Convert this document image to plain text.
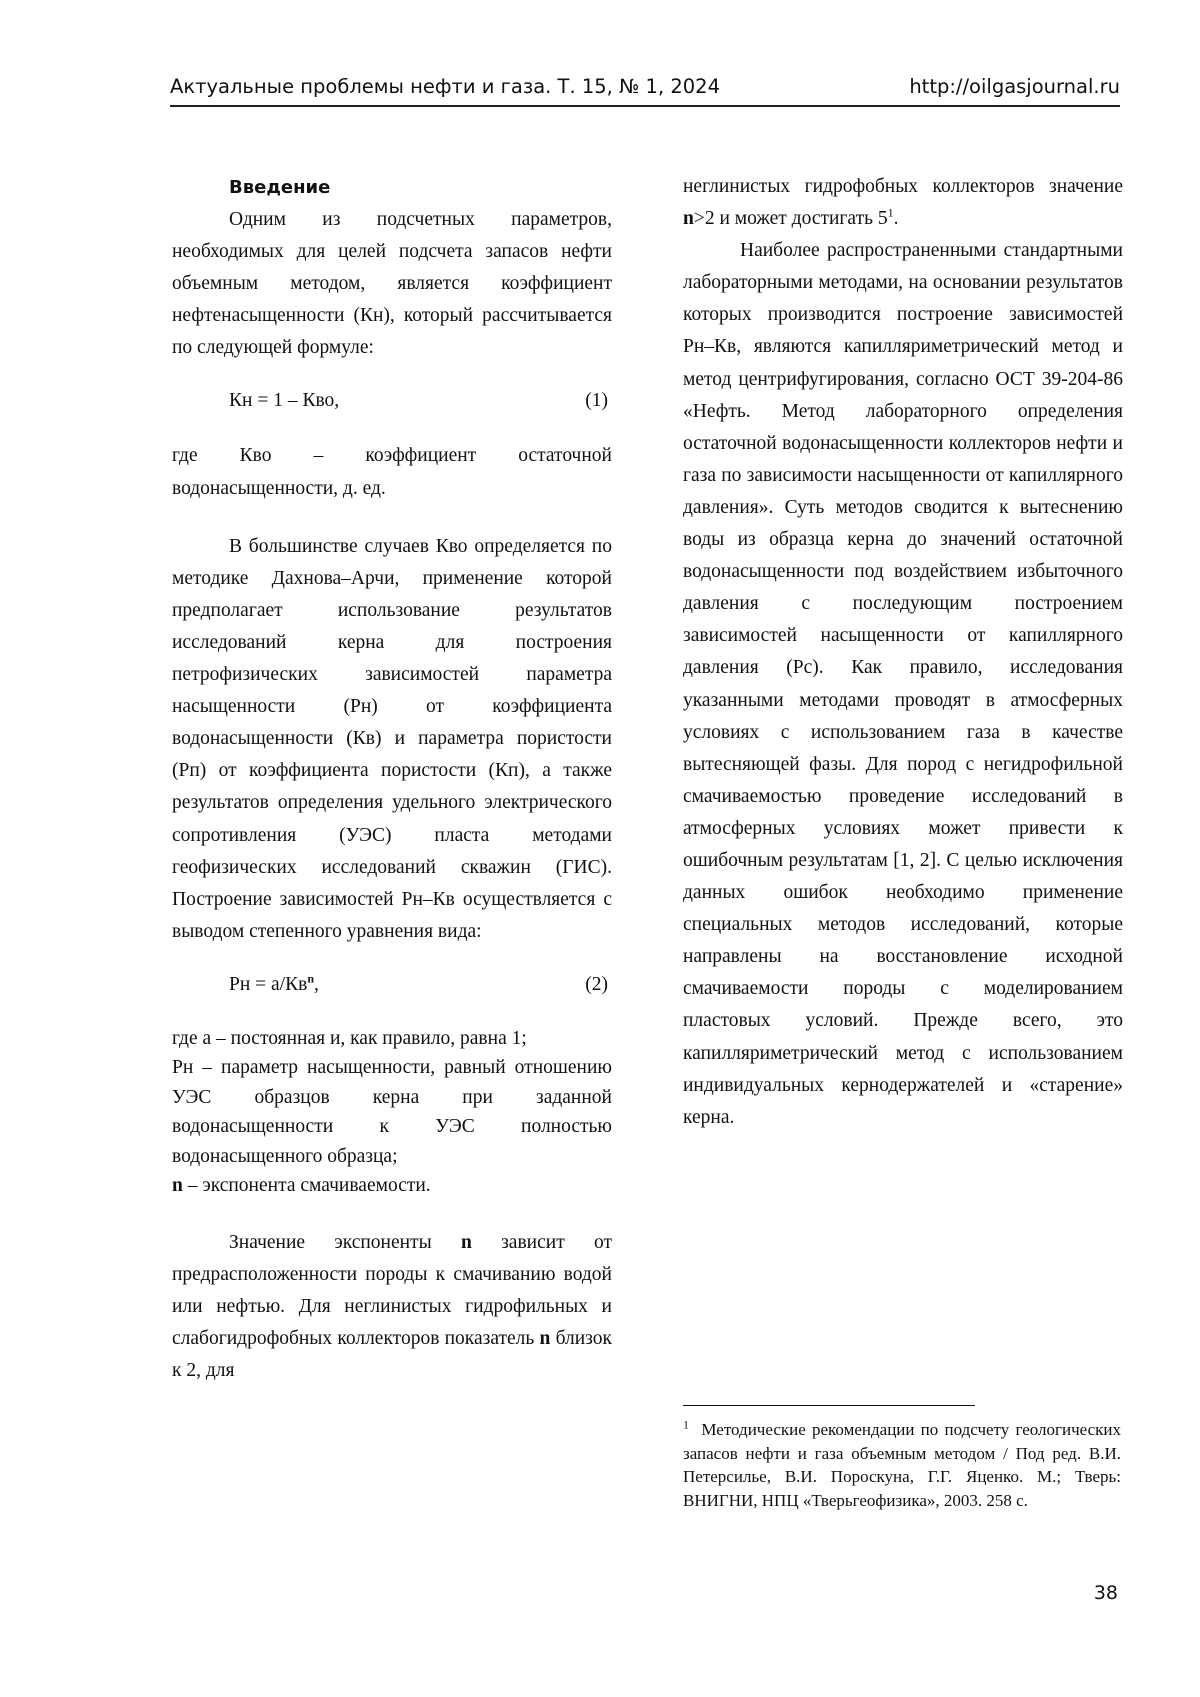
Актуальные проблемы нефти и газа. Т. 15, № 1, 2024	http://oilgasjournal.ru
Введение

Одним из подсчетных параметров, необходимых для целей подсчета запасов нефти объемным методом, является коэффициент нефтенасыщенности (Кн), который рассчитывается по следующей формуле:

Кн = 1 – Кво,	(1)

где Кво – коэффициент остаточной водонасыщенности, д. ед.

В большинстве случаев Кво определяется по методике Дахнова–Арчи, применение которой предполагает использование результатов исследований керна для построения петрофизических зависимостей параметра насыщенности (Рн) от коэффициента водонасыщенности (Кв) и параметра пористости (Рп) от коэффициента пористости (Кп), а также результатов определения удельного электрического сопротивления (УЭС) пласта методами геофизических исследований скважин (ГИС). Построение зависимостей Рн–Кв осуществляется с выводом степенного уравнения вида:

Рн = $a/Кв^n$,	(2)

где a – постоянная и, как правило, равна 1;

Рн – параметр насыщенности, равный отношению УЭС образцов керна при заданной водонасыщенности к УЭС полностью водонасыщенного образца;

n – экспонента смачиваемости.

Значение экспоненты n зависит от предрасположенности породы к смачиванию водой или нефтью. Для неглинистых гидрофильных и слабогидрофобных коллекторов показатель n близок к 2, для

неглинистых гидрофобных коллекторов значение n>2 и может достигать $5^1$.

Наиболее распространенными стандартными лабораторными методами, на основании результатов которых производится построение зависимостей Рн–Кв, являются капилляриметрический метод и метод центрифугирования, согласно ОСТ 39-204-86 «Нефть. Метод лабораторного определения остаточной водонасыщенности коллекторов нефти и газа по зависимости насыщенности от капиллярного давления». Суть методов сводится к вытеснению воды из образца керна до значений остаточной водонасыщенности под воздействием избыточного давления с последующим построением зависимостей насыщенности от капиллярного давления (Рс). Как правило, исследования указанными методами проводят в атмосферных условиях с использованием газа в качестве вытесняющей фазы. Для пород с негидрофильной смачиваемостью проведение исследований в атмосферных условиях может привести к ошибочным результатам [1, 2]. С целью исключения данных ошибок необходимо применение специальных методов исследований, которые направлены на восстановление исходной смачиваемости породы с моделированием пластовых условий. Прежде всего, это капилляриметрический метод с использованием индивидуальных кернодержателей и «старение» керна.

$^1$ Методические рекомендации по подсчету геологических запасов нефти и газа объемным методом / Под ред. В.И. Петерсилье, В.И. Пороскуна, Г.Г. Яценко. М.; Тверь: ВНИГНИ, НПЦ «Тверьгеофизика», 2003. 258 с.
38
